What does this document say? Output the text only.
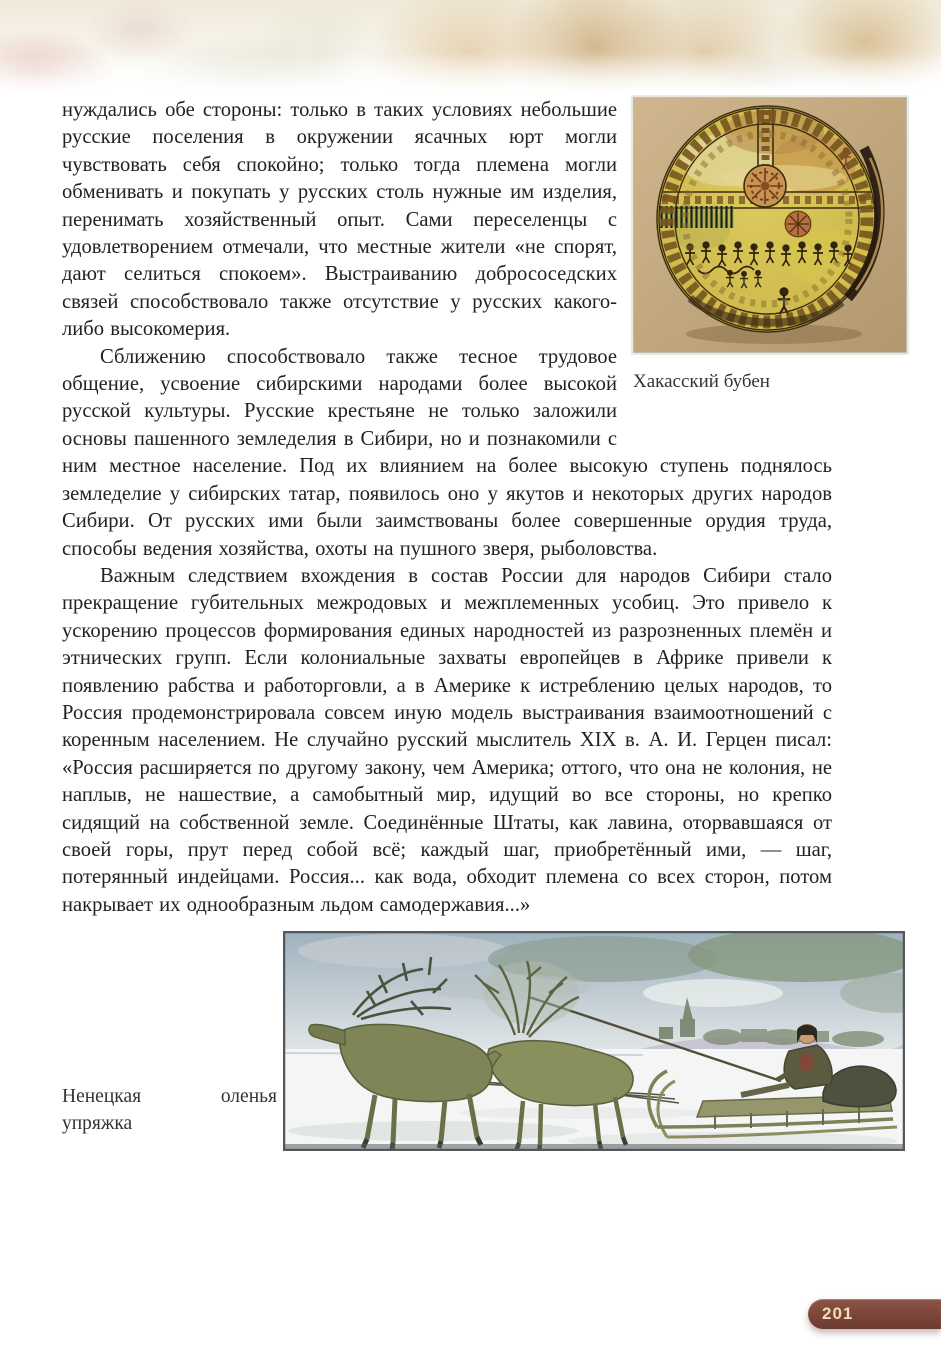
Хакасский бубен

нуждались обе стороны: только в таких условиях небольшие русские поселения в окружении ясачных юрт могли чувствовать себя спокойно; только тогда племена могли обменивать и покупать у русских столь нужные им изделия, перенимать хозяйственный опыт. Сами переселенцы с удовлетворением отмечали, что местные жители «не спорят, дают селиться спокоем». Выстраиванию добрососедских связей способствовало также отсутствие у русских какого-либо высокомерия.

Сближению способствовало также тесное трудовое общение, усвоение сибирскими народами более высокой русской культуры. Русские крестьяне не только заложили основы пашенного земледелия в Сибири, но и познакомили с ним местное население. Под их влиянием на более высокую ступень поднялось земледелие у сибирских татар, появилось оно у якутов и некоторых других народов Сибири. От русских ими были заимствованы более совершенные орудия труда, способы ведения хозяйства, охоты на пушного зверя, рыболовства.

Важным следствием вхождения в состав России для народов Сибири стало прекращение губительных межродовых и межплеменных усобиц. Это привело к ускорению процессов формирования единых народностей из разрозненных племён и этнических групп. Если колониальные захваты европейцев в Африке привели к появлению рабства и работорговли, а в Америке к истреблению целых народов, то Россия продемонстрировала совсем иную модель выстраивания взаимоотношений с коренным населением. Не случайно русский мыслитель XIX в. А. И. Герцен писал: «Россия расширяется по другому закону, чем Америка; оттого, что она не колония, не наплыв, не нашествие, а самобытный мир, идущий во все стороны, но крепко сидящий на собственной земле. Соединённые Штаты, как лавина, оторвавшаяся от своей горы, прут перед собой всё; каждый шаг, приобретённый ими, — шаг, потерянный индейцами. Россия... как вода, обходит племена со всех сторон, потом накрывает их однообразным льдом самодержавия...»

Ненецкая оленья упряжка

201
